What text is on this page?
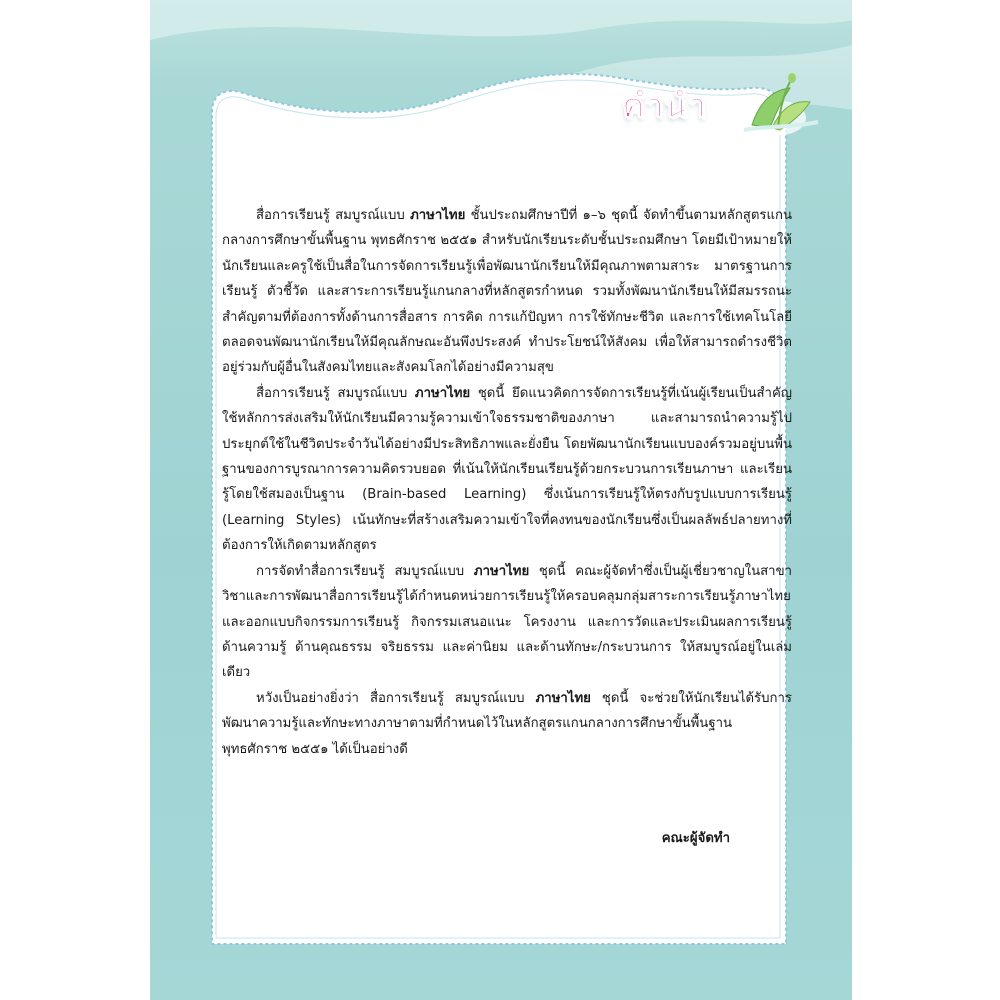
คำนำ

สื่อการเรียนรู้ สมบูรณ์แบบ ภาษาไทย ชั้นประถมศึกษาปีที่ ๑–๖ ชุดนี้ จัดทำขึ้นตามหลักสูตรแกนกลางการศึกษาขั้นพื้นฐาน พุทธศักราช ๒๕๕๑ สำหรับนักเรียนระดับชั้นประถมศึกษา โดยมีเป้าหมายให้นักเรียนและครูใช้เป็นสื่อในการจัดการเรียนรู้เพื่อพัฒนานักเรียนให้มีคุณภาพตามสาระ มาตรฐานการเรียนรู้ ตัวชี้วัด และสาระการเรียนรู้แกนกลางที่หลักสูตรกำหนด รวมทั้งพัฒนานักเรียนให้มีสมรรถนะสำคัญตามที่ต้องการทั้งด้านการสื่อสาร การคิด การแก้ปัญหา การใช้ทักษะชีวิต และการใช้เทคโนโลยี ตลอดจนพัฒนานักเรียนให้มีคุณลักษณะอันพึงประสงค์ ทำประโยชน์ให้สังคม เพื่อให้สามารถดำรงชีวิตอยู่ร่วมกับผู้อื่นในสังคมไทยและสังคมโลกได้อย่างมีความสุข

สื่อการเรียนรู้ สมบูรณ์แบบ ภาษาไทย ชุดนี้ ยึดแนวคิดการจัดการเรียนรู้ที่เน้นผู้เรียนเป็นสำคัญ ใช้หลักการส่งเสริมให้นักเรียนมีความรู้ความเข้าใจธรรมชาติของภาษา และสามารถนำความรู้ไปประยุกต์ใช้ในชีวิตประจำวันได้อย่างมีประสิทธิภาพและยั่งยืน โดยพัฒนานักเรียนแบบองค์รวมอยู่บนพื้นฐานของการบูรณาการความคิดรวบยอด ที่เน้นให้นักเรียนเรียนรู้ด้วยกระบวนการเรียนภาษา และเรียนรู้โดยใช้สมองเป็นฐาน (Brain-based Learning) ซึ่งเน้นการเรียนรู้ให้ตรงกับรูปแบบการเรียนรู้ (Learning Styles) เน้นทักษะที่สร้างเสริมความเข้าใจที่คงทนของนักเรียนซึ่งเป็นผลลัพธ์ปลายทางที่ต้องการให้เกิดตามหลักสูตร

การจัดทำสื่อการเรียนรู้ สมบูรณ์แบบ ภาษาไทย ชุดนี้ คณะผู้จัดทำซึ่งเป็นผู้เชี่ยวชาญในสาขาวิชาและการพัฒนาสื่อการเรียนรู้ได้กำหนดหน่วยการเรียนรู้ให้ครอบคลุมกลุ่มสาระการเรียนรู้ภาษาไทย และออกแบบกิจกรรมการเรียนรู้ กิจกรรมเสนอแนะ โครงงาน และการวัดและประเมินผลการเรียนรู้ด้านความรู้ ด้านคุณธรรม จริยธรรม และค่านิยม และด้านทักษะ/กระบวนการ ให้สมบูรณ์อยู่ในเล่มเดียว

หวังเป็นอย่างยิ่งว่า สื่อการเรียนรู้ สมบูรณ์แบบ ภาษาไทย ชุดนี้ จะช่วยให้นักเรียนได้รับการพัฒนาความรู้และทักษะทางภาษาตามที่กำหนดไว้ในหลักสูตรแกนกลางการศึกษาขั้นพื้นฐาน พุทธศักราช ๒๕๕๑ ได้เป็นอย่างดี

คณะผู้จัดทำ
